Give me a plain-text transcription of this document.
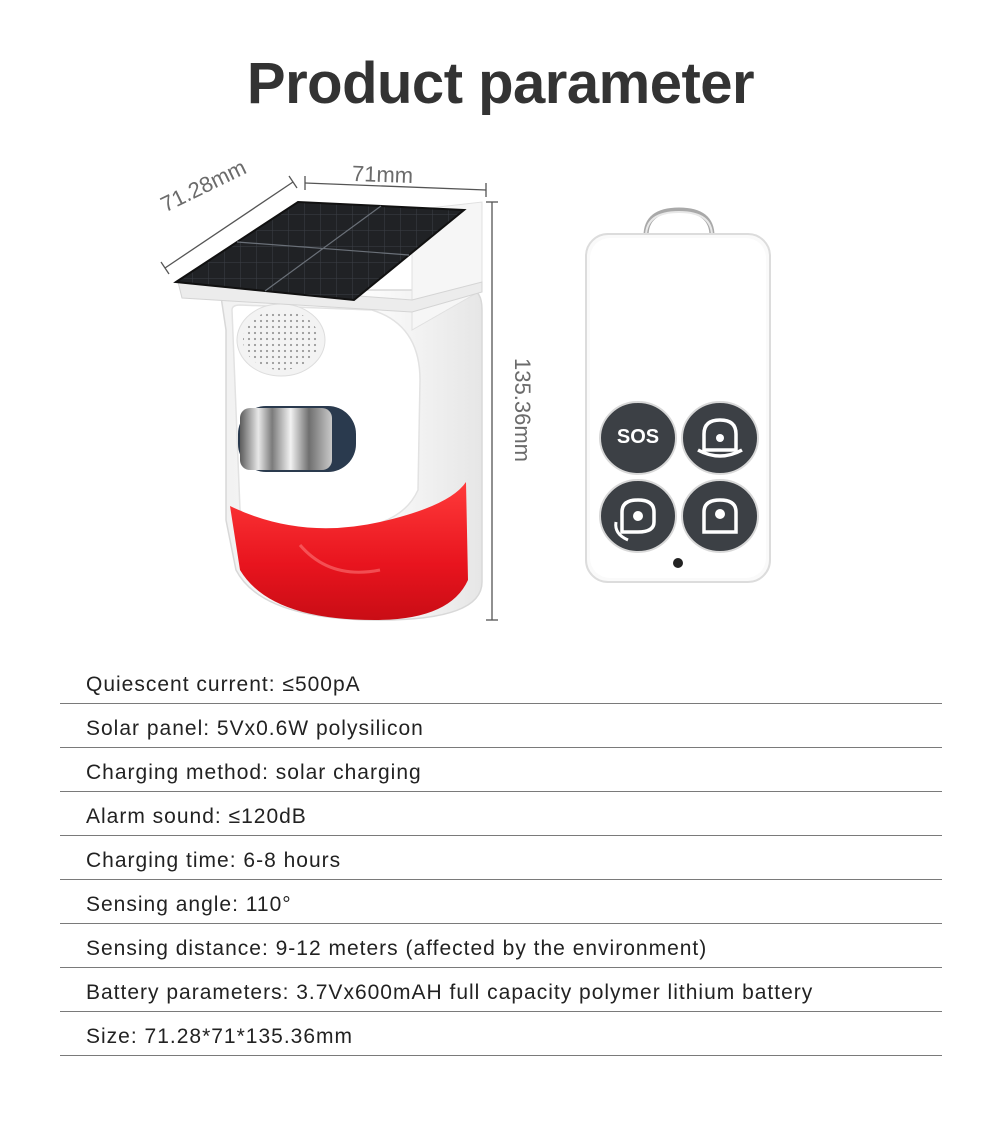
Product parameter
71mm
71.28mm
135.36mm	SOS
Quiescent current: ≤500pA
Solar panel: 5Vx0.6W polysilicon
Charging method: solar charging
Alarm sound: ≤120dB
Charging time: 6-8 hours
Sensing angle: 110°
Sensing distance: 9-12 meters (affected by the environment)
Battery parameters: 3.7Vx600mAH full capacity polymer lithium battery
Size: 71.28*71*135.36mm
